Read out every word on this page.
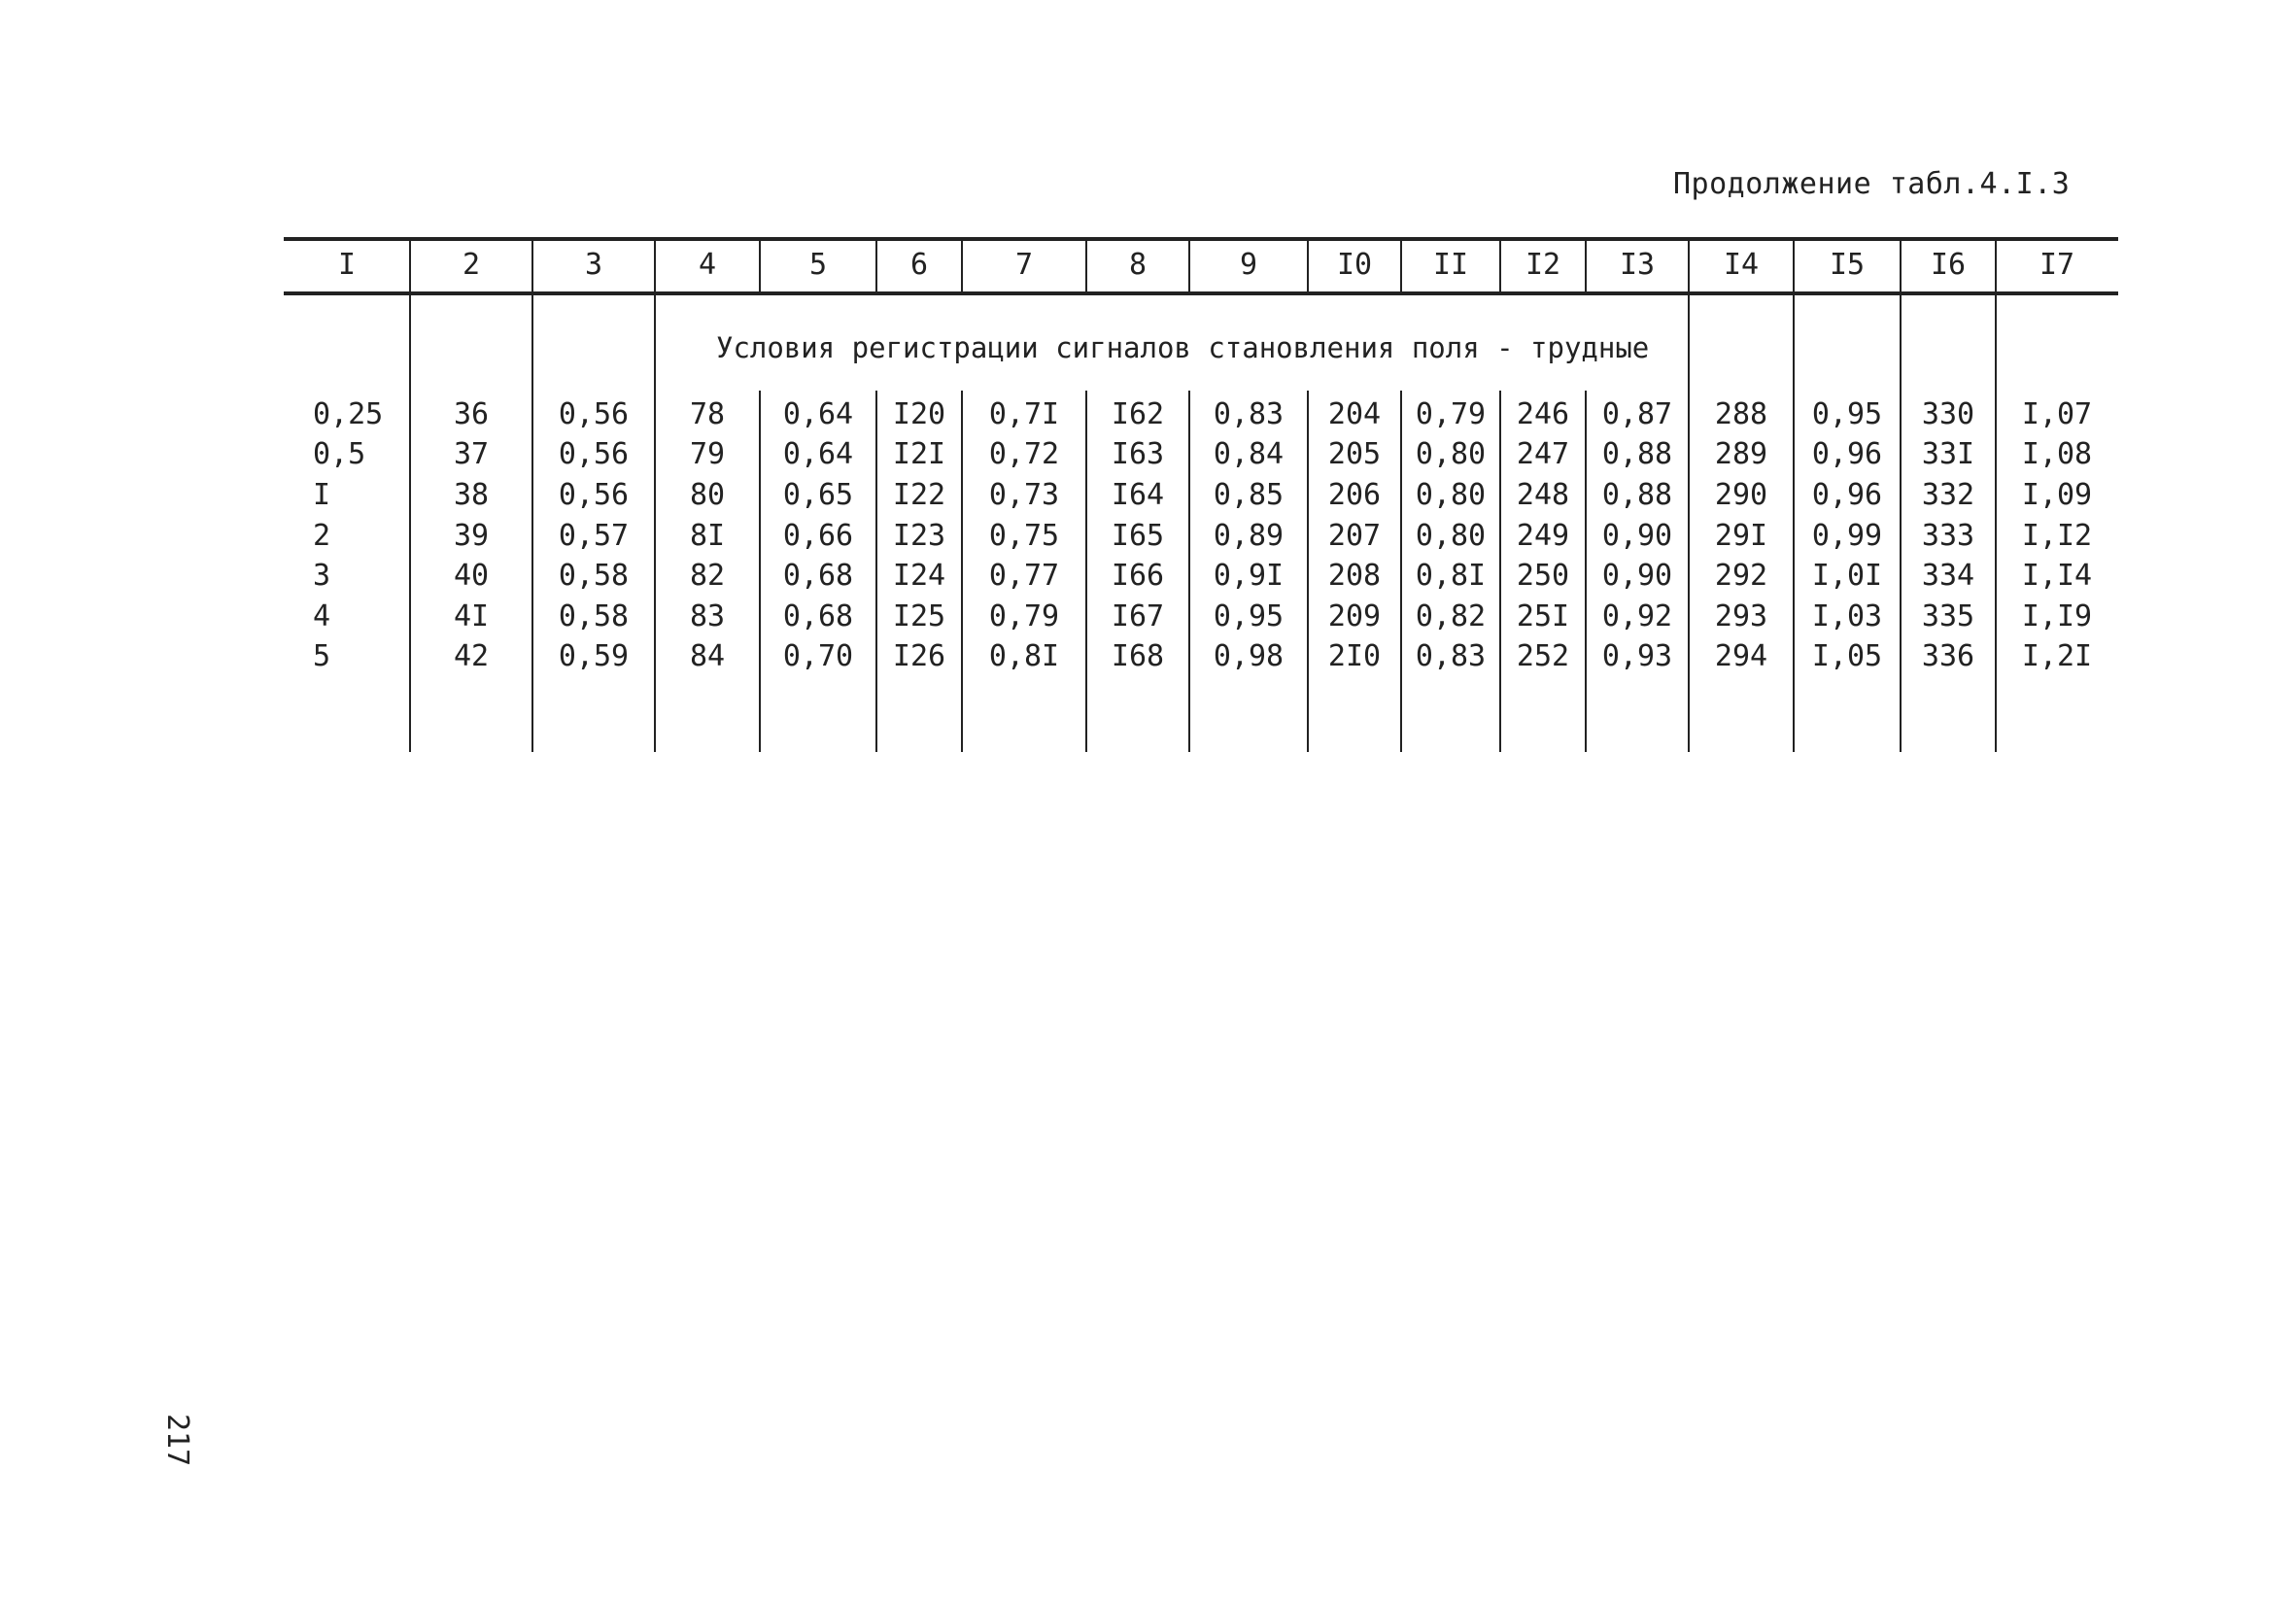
Продолжение табл.4.I.3
Условия регистрации сигналов становления поля - трудные
I	2	3	4	5	6	7	8	9	I0	II	I2	I3	I4	I5	I6	I7
0,25	36	0,56	78	0,64	I20	0,7I	I62	0,83	204	0,79	246	0,87	288	0,95	330	I,07
0,5	37	0,56	79	0,64	I2I	0,72	I63	0,84	205	0,80	247	0,88	289	0,96	33I	I,08
I	38	0,56	80	0,65	I22	0,73	I64	0,85	206	0,80	248	0,88	290	0,96	332	I,09
2	39	0,57	8I	0,66	I23	0,75	I65	0,89	207	0,80	249	0,90	29I	0,99	333	I,I2
3	40	0,58	82	0,68	I24	0,77	I66	0,9I	208	0,8I	250	0,90	292	I,0I	334	I,I4
4	4I	0,58	83	0,68	I25	0,79	I67	0,95	209	0,82	25I	0,92	293	I,03	335	I,I9
5	42	0,59	84	0,70	I26	0,8I	I68	0,98	2I0	0,83	252	0,93	294	I,05	336	I,2I
217
